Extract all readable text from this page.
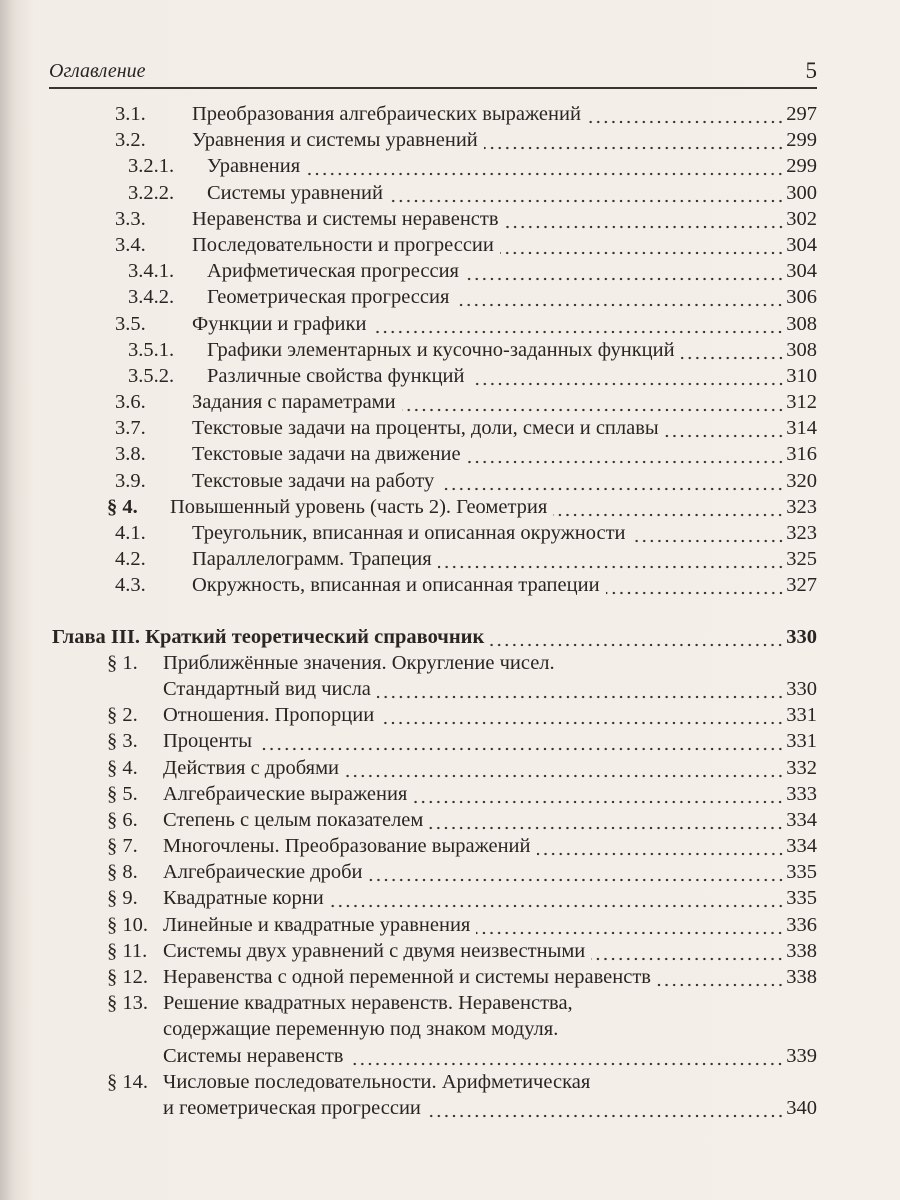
Оглавление	5
3.1. Преобразования алгебраических выражений	297
3.2. Уравнения и системы уравнений	299
3.2.1. Уравнения	299
3.2.2. Системы уравнений	300
3.3. Неравенства и системы неравенств	302
3.4. Последовательности и прогрессии	304
3.4.1. Арифметическая прогрессия	304
3.4.2. Геометрическая прогрессия	306
3.5. Функции и графики	308
3.5.1. Графики элементарных и кусочно-заданных функций	308
3.5.2. Различные свойства функций	310
3.6. Задания с параметрами	312
3.7. Текстовые задачи на проценты, доли, смеси и сплавы	314
3.8. Текстовые задачи на движение	316
3.9. Текстовые задачи на работу	320
§ 4. Повышенный уровень (часть 2). Геометрия	323
4.1. Треугольник, вписанная и описанная окружности	323
4.2. Параллелограмм. Трапеция	325
4.3. Окружность, вписанная и описанная трапеции	327
Глава III. Краткий теоретический справочник	330
§ 1. Приближённые значения. Округление чисел.
Стандартный вид числа	330
§ 2. Отношения. Пропорции	331
§ 3. Проценты	331
§ 4. Действия с дробями	332
§ 5. Алгебраические выражения	333
§ 6. Степень с целым показателем	334
§ 7. Многочлены. Преобразование выражений	334
§ 8. Алгебраические дроби	335
§ 9. Квадратные корни	335
§ 10. Линейные и квадратные уравнения	336
§ 11. Системы двух уравнений с двумя неизвестными	338
§ 12. Неравенства с одной переменной и системы неравенств	338
§ 13. Решение квадратных неравенств. Неравенства,
содержащие переменную под знаком модуля.
Системы неравенств	339
§ 14. Числовые последовательности. Арифметическая
и геометрическая прогрессии	340
